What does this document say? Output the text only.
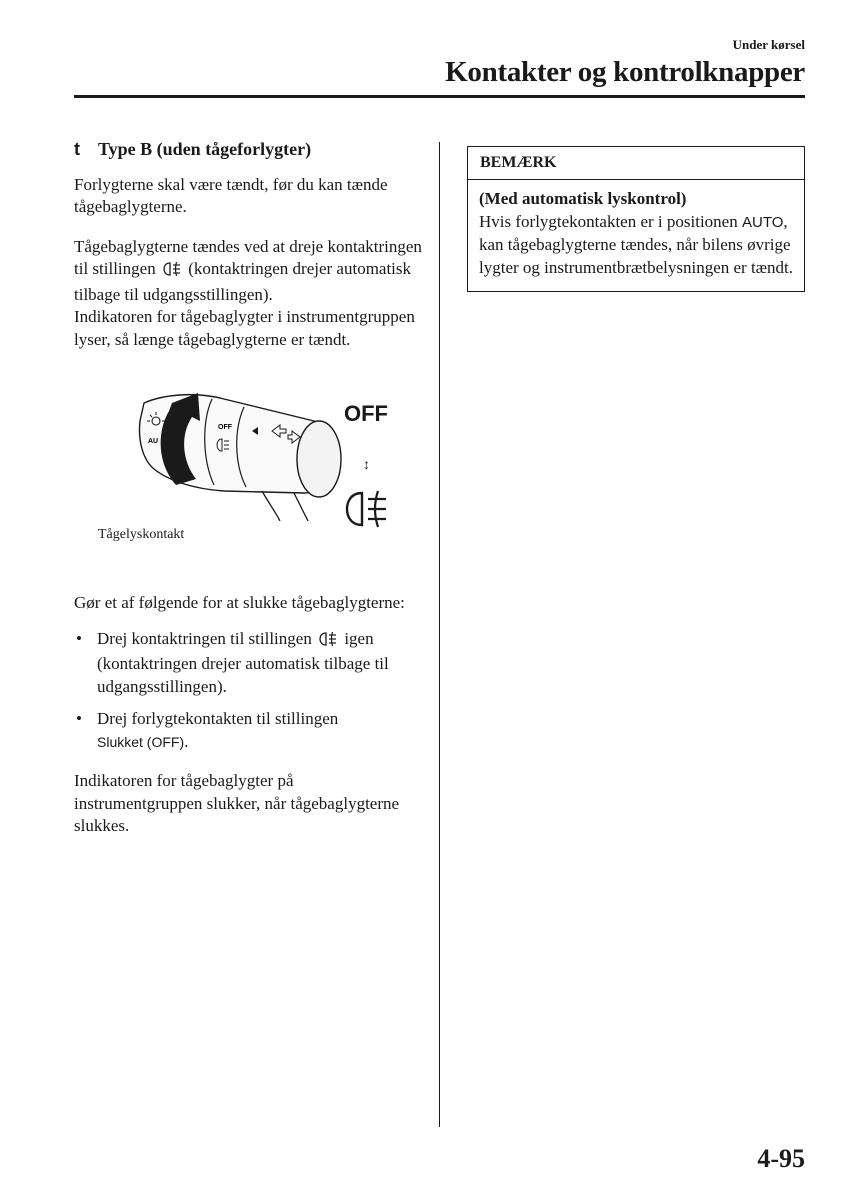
Under kørsel
Kontakter og kontrolknapper
t	Type B (uden tågeforlygter)

Forlygterne skal være tændt, før du kan tænde tågebaglygterne.

Tågebaglygterne tændes ved at dreje kontaktringen til stillingen (kontaktringen drejer automatisk tilbage til udgangsstillingen).

Indikatoren for tågebaglygter i instrumentgruppen lyser, så længe tågebaglygterne er tændt.

AU
OFF
OFF
↕
Tågelyskontakt

Gør et af følgende for at slukke tågebaglygterne:

• Drej kontaktringen til stillingen igen (kontaktringen drejer automatisk tilbage til udgangsstillingen).
• Drej forlygtekontakten til stillingen
Slukket (OFF).

Indikatoren for tågebaglygter på instrumentgruppen slukker, når tågebaglygterne slukkes.

BEMÆRK
(Med automatisk lyskontrol)
Hvis forlygtekontakten er i positionen AUTO, kan tågebaglygterne tændes, når bilens øvrige lygter og instrumentbrætbelysningen er tændt.
4-95
